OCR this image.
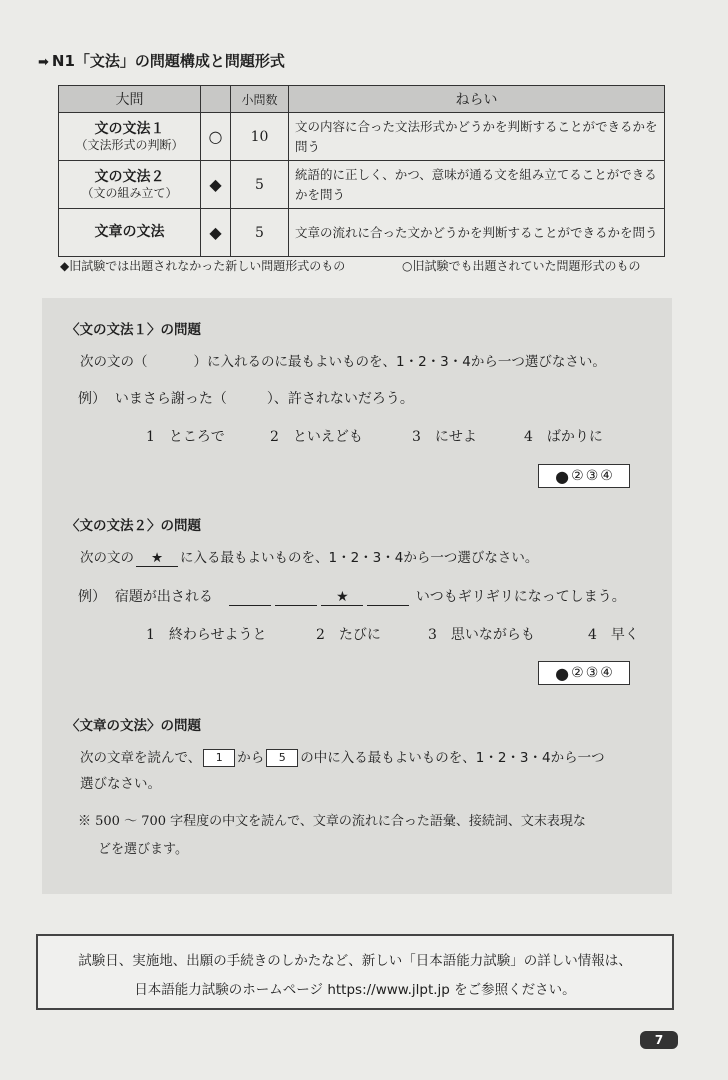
➡ N1「文法」の問題構成と問題形式
大問		小問数	ねらい

文の文法１
（文法形式の判断）	○	10	文の内容に合った文法形式かどうかを判断することができるかを問う

文の文法２
（文の組み立て）	◆	5	統語的に正しく、かつ、意味が通る文を組み立てることができるかを問う

文章の文法	◆	5	文章の流れに合った文かどうかを判断することができるかを問う
◆旧試験では出題されなかった新しい問題形式のもの	○旧試験でも出題されていた問題形式のもの
〈文の文法１〉の問題
次の文の（	）に入れるのに最もよいものを、1・2・3・4から一つ選びなさい。
例） いまさら謝った（	）、許されないだろう。
1　ところで	2　といえども	3　にせよ	4　ばかりに
● ② ③ ④
〈文の文法２〉の問題
次の文の ★ に入る最もよいものを、1・2・3・4から一つ選びなさい。
例） 宿題が出される	★	いつもギリギリになってしまう。
1　終わらせようと	2　たびに	3　思いながらも	4　早く
● ② ③ ④
〈文章の文法〉の問題
次の文章を読んで、 1 から 5 の中に入る最もよいものを、1・2・3・4から一つ
選びなさい。
※ 500 ～ 700 字程度の中文を読んで、文章の流れに合った語彙、接続詞、文末表現な
どを選びます。
試験日、実施地、出願の手続きのしかたなど、新しい「日本語能力試験」の詳しい情報は、
日本語能力試験のホームページ https://www.jlpt.jp をご参照ください。
7
